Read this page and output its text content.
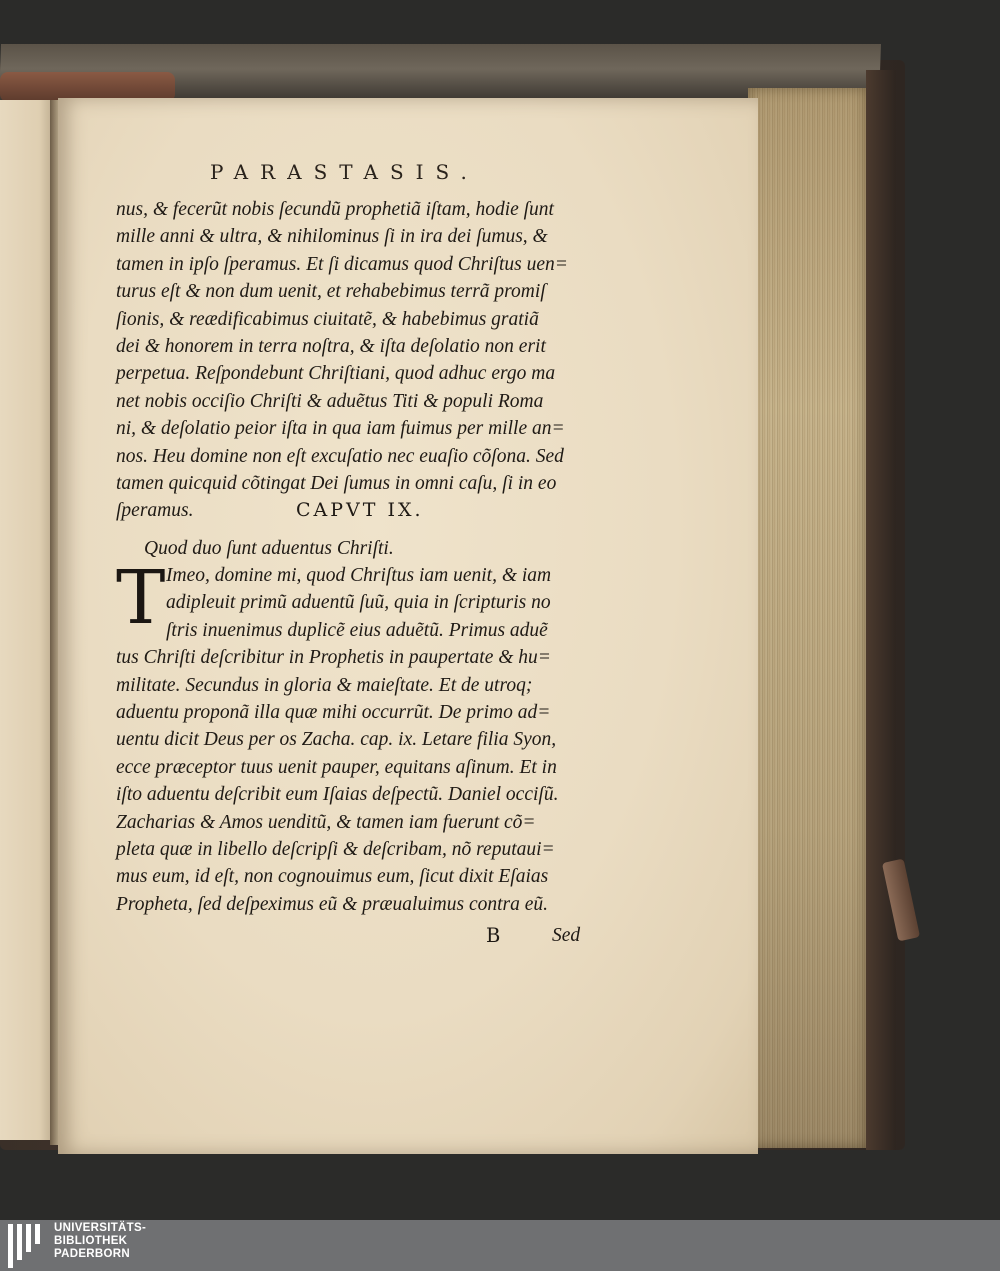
PARASTASIS.
nus, & fecerũt nobis ſecundũ prophetiã iſtam, hodie ſunt
mille anni & ultra, & nihilominus ſi in ira dei ſumus, &
tamen in ipſo ſperamus. Et ſi dicamus quod Chriſtus uen=
turus eſt & non dum uenit, et rehabebimus terrã promiſ
ſionis, & reædificabimus ciuitatẽ, & habebimus gratiã
dei & honorem in terra noſtra, & iſta deſolatio non erit
perpetua. Reſpondebunt Chriſtiani, quod adhuc ergo ma
net nobis occiſio Chriſti & aduẽtus Titi & populi Roma
ni, & deſolatio peior iſta in qua iam fuimus per mille an=
nos. Heu domine non eſt excuſatio nec euaſio cõſona. Sed
tamen quicquid cõtingat Dei ſumus in omni caſu, ſi in eo
ſperamus.	CAPVT IX.
Quod duo ſunt aduentus Chriſti.
T Imeo, domine mi, quod Chriſtus iam uenit, & iam
adipleuit primũ aduentũ ſuũ, quia in ſcripturis no
ſtris inuenimus duplicẽ eius aduẽtũ. Primus aduẽ
tus Chriſti deſcribitur in Prophetis in paupertate & hu=
militate. Secundus in gloria & maieſtate. Et de utroq;
aduentu proponã illa quæ mihi occurrũt. De primo ad=
uentu dicit Deus per os Zacha. cap. ix. Letare filia Syon,
ecce præceptor tuus uenit pauper, equitans aſinum. Et in
iſto aduentu deſcribit eum Iſaias deſpectũ. Daniel occiſũ.
Zacharias & Amos uenditũ, & tamen iam fuerunt cõ=
pleta quæ in libello deſcripſi & deſcribam, nõ reputaui=
mus eum, id eſt, non cognouimus eum, ſicut dixit Eſaias
Propheta, ſed deſpeximus eũ & præualuimus contra eũ.
B	Sed
UNIVERSITÄTS-
BIBLIOTHEK
PADERBORN
